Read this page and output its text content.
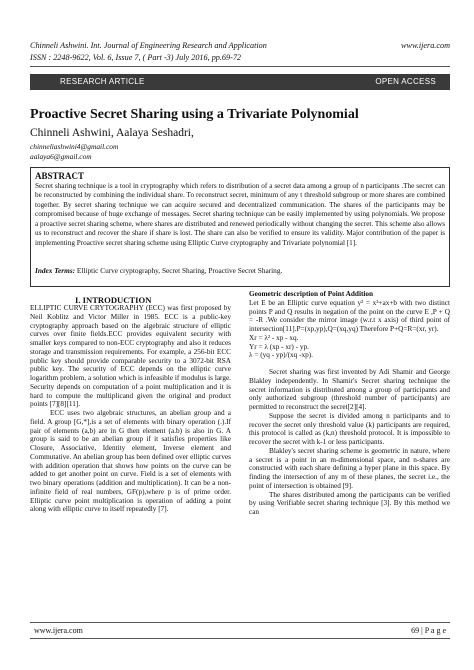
Chinneli Ashwini. Int. Journal of Engineering Research and Application	www.ijera.com
ISSN : 2248-9622, Vol. 6, Issue 7, ( Part -3) July 2016, pp.69-72
RESEARCH ARTICLE	OPEN ACCESS
Proactive Secret Sharing using a Trivariate Polynomial
Chinneli Ashwini, Aalaya Seshadri,
chinneliashwini4@gmail.com
aalaya6@gmail.com
ABSTRACT
Secret sharing technique is a tool in cryptography which refers to distribution of a secret data among a group of n participants .The secret can be reconstructed by combining the individual share. To reconstruct secret, minimum of any t threshold subgroup or more shares are combined together. By secret sharing technique we can acquire secured and decentralized communication. The shares of the participants may be compromised because of huge exchange of messages. Secret sharing technique can be easily implemented by using polynomials. We propose a proactive secret sharing scheme, where shares are distributed and renewed periodically without changing the secret. This scheme also allows us to reconstruct and recover the share if share is lost. The share can also be verified to ensure its validity. Major contribution of the paper is implementing Proactive secret sharing scheme using Elliptic Curve cryptography and Trivariate polynomial [1].
Index Terms: Elliptic Curve cryptography, Secret Sharing, Proactive Secret Sharing.
I. INTRODUCTION

ELLIPTIC CURVE CRYTOGRAPHY (ECC) was first proposed by Neil Koblitz and Victor Miller in 1985. ECC is a public-key cryptography approach based on the algebraic structure of elliptic curves over finite fields.ECC provides equivalent security with smaller keys compared to non-ECC cryptography and also it reduces storage and transmission requirements. For example, a 256-bit ECC public key should provide comparable security to a 3072-bit RSA public key. The security of ECC depends on the elliptic curve logarithm problem, a solution which is infeasible if modulus is large. Security depends on computation of a point multiplication and it is hard to compute the multiplicand given the original and product points [7][8][11].

ECC uses two algebraic structures, an abelian group and a field. A group [G,*],is a set of elements with binary operation (.).If pair of elements (a,b) are in G then element (a.b) is also in G. A group is said to be an abelian group if it satisfies properties like Closure, Associative, Identity element, Inverse element and Commutative. An abelian group has been defined over elliptic curves with addition operation that shows how points on the curve can be added to get another point on curve. Field is a set of elements with two binary operations (addition and multiplication). It can be a non-infinite field of real numbers, GF(p),where p is of prime order. Elliptic curve point multiplication is operation of adding a point along with elliptic curve to itself repeatedly [7].

Geometric description of Point Addition

Let E be an Elliptic curve equation y² = x³+ax+b with two distinct points P and Q results in negation of the point on the curve E ,P + Q = -R .We consider the mirror image (w.r.t x axis) of third point of intersection[11].P=(xp,yp),Q=(xq,yq) Therefore P+Q=R=(xr, yr).

Xr = λ² - xp - xq.

Yr = λ (xp - xr) - yp.

λ = (yq - yp)/(xq -xp).

Secret sharing was first invented by Adi Shamir and George Blakley independently. In Shamir's Secret sharing technique the secret information is distributed among a group of participants and only authorized subgroup (threshold number of participants) are permitted to reconstruct the secret[2][4].

Suppose the secret is divided among n participants and to recover the secret only threshold value (k) participants are required, this protocol is called as (k,n) threshold protocol. It is impossible to recover the secret with k-1 or less participants.

Blakley's secret sharing scheme is geometric in nature, where a secret is a point in an m-dimensional space, and n-shares are constructed with each share defining a hyper plane in this space. By finding the intersection of any m of these planes, the secret i.e., the point of intersection is obtained [9].

The shares distributed among the participants can be verified by using Verifiable secret sharing technique [3]. By this method we can

www.ijera.com	69 | P a g e
